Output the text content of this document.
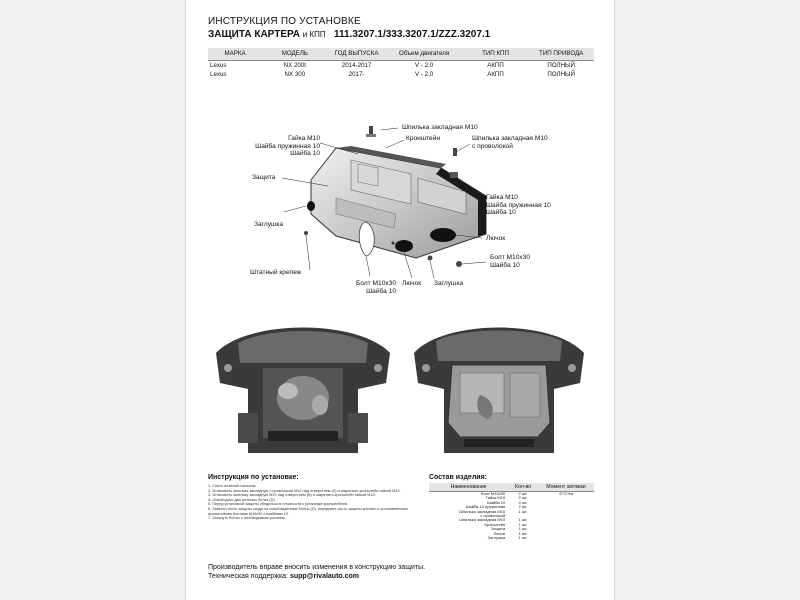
ИНСТРУКЦИЯ ПО УСТАНОВКЕ
ЗАЩИТА КАРТЕРА и КПП 111.3207.1/333.3207.1/ZZZ.3207.1
МАРКА	МОДЕЛЬ	ГОД ВЫПУСКА	Объем двигателя	ТИП КПП	ТИП ПРИВОДА
Lexus	NX 200t	2014-2017	V - 2,0	АКПП	ПОЛНЫЙ
Lexus	NX 300	2017-	V - 2,0	АКПП	ПОЛНЫЙ
Шпилька закладная М10
Гайка М10
Шайба пружинная 10
Шайба 10
Кронштейн	Шпилька закладная М10
с проволокой
Защита
Гайка М10
Шайба пружинная 10
Шайба 10
Заглушка
Лючок
Болт М10х30
Шайба 10
Штатный крепеж
Болт М10х30
Шайба 10
Лючок Заглушка
Инструкция по установке:
1. Снять штатный пыльник.
2. Установить шпильки закладную с проволокой М10 над отверстием (А) и закрепить кронштейн гайкой М10.
3. Установить шпильку закладную М10 над отверстием (В) и закрепить кронштейн гайкой М10.
4. Освободить два штатных болта (D).
5. Перед установкой защиты убедиться в готовности к установке кронштейнов.
6. Завести часть защиты сзади на освобожденные болты (D), переднюю часть защиты крепить к установленным кронштейнам болтами М10х30 с шайбами 10.
7. Затянуть болты с необходимым усилием.
Состав изделия:
Наименование	Кол-во	Момент затяжки
Болт М10х30	2 шт.	47.0 Нм
Гайка М10	2 шт.	
Шайба 10	4 шт.	
Шайба 10 пружинная	2 шт.	
Шпилька закладная М10	1 шт.	
с проволокой		
Шпилька закладная М10	1 шт.	
Кронштейн	1 шт.	
Защита	1 шт.	
Лючок	1 шт.	
Заглушка	1 шт.	
Производитель вправе вносить изменения в конструкцию защиты.
Техническая поддержка: supp@rivalauto.com
